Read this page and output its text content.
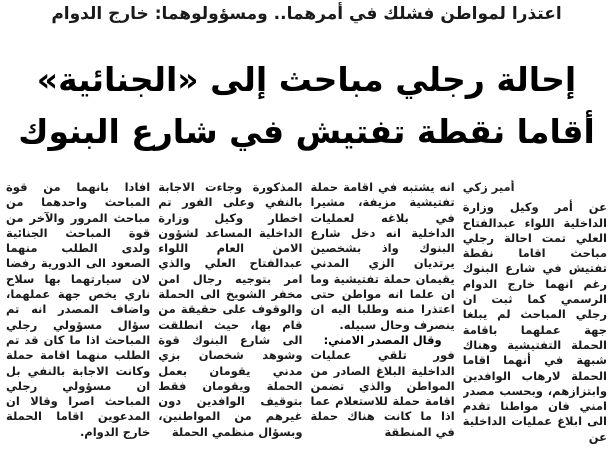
اعتذرا لمواطن فشلك في أمرهما.. ومسؤولوهما: خارج الدوام
إحالة رجلي مباحث إلى «الجنائية»
أقاما نقطة تفتيش في شارع البنوك
أمير زكي

عن أمر وكيل وزارة الداخلية اللواء عبدالفتاح العلي تمت احالة رجلي مباحث اقاما نقطة تفتيش في شارع البنوك رغم انهما خارج الدوام الرسمي كما ثبت ان رجلي المباحث لم يبلغا جهة عملهما باقامة الحملة التفتيشية وهناك شبهة في أنهما اقاما الحملة لارهاب الوافدين وابتزازهم، وبحسب مصدر امني فان مواطنا تقدم الى ابلاغ عمليات الداخلية عن

انه يشتبه في اقامة حملة تفتيشية مزيفة، مشيرا في بلاغه لعمليات الداخلية انه دخل شارع البنوك واذ بشخصين يرتديان الزي المدني يقيمان حملة تفتيشية وما ان علما انه مواطن حتى اعتذرا منه وطلبا اليه ان ينصرف وحال سبيله.

وقال المصدر الامني:

فور تلقي عمليات الداخلية البلاغ الصادر من المواطن والذي تضمن اقامة حملة للاستعلام عما اذا ما كانت هناك حملة في المنطقة

المذكورة وجاءت الاجابة بالنفي وعلى الفور تم اخطار وكيل وزارة الداخلية المساعد لشؤون الامن العام اللواء عبدالفتاح العلي والذي امر بتوجيه رجال امن مخفر الشويخ الى الحملة والوقوف على حقيقة من قام بها، حيث انطلقت الى شارع البنوك قوة وشوهد شخصان بزي مدني يقومان بعمل الحملة ويقومان فقط بتوقيف الوافدين دون غيرهم من المواطنين، وبسؤال منظمي الحملة

افادا بانهما من قوة المباحث واحدهما من مباحث المرور والآخر من قوة المباحث الجنائية ولدى الطلب منهما الصعود الى الدورية رفضا لان سيارتهما بها سلاح ناري يخص جهة عملهما، واضاف المصدر انه تم سؤال مسؤولي رجلي المباحث اذا ما كان قد تم الطلب منهما اقامة حملة وكانت الاجابة بالنفي بل ان مسؤولي رجلي المباحث اصرا وقالا ان المدعوين اقاما الحملة خارج الدوام.
